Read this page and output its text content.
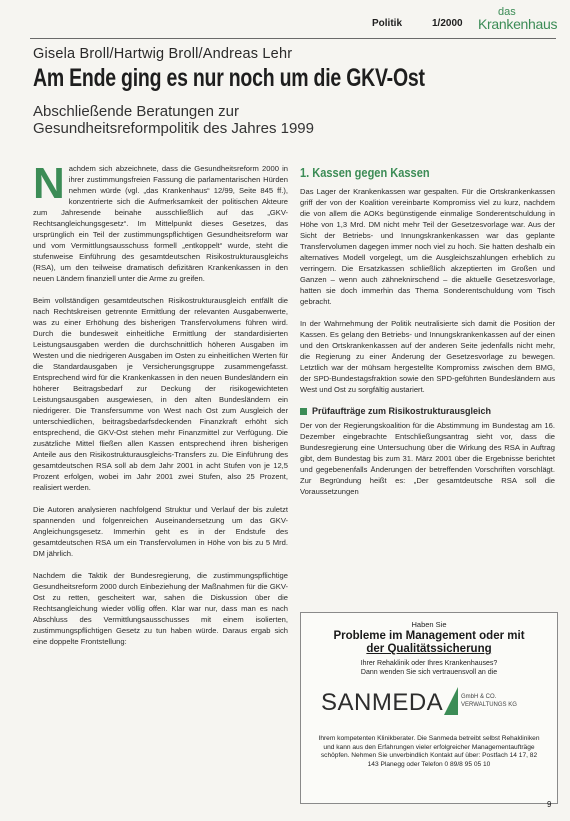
Politik	1/2000
das
Krankenhaus
Gisela Broll/Hartwig Broll/Andreas Lehr
Am Ende ging es nur noch um die GKV-Ost
Abschließende Beratungen zur Gesundheitsreformpolitik des Jahres 1999

N achdem sich abzeichnete, dass die Gesundheitsreform 2000 in ihrer zustimmungsfreien Fassung die parlamentarischen Hürden nehmen würde (vgl. „das Krankenhaus“ 12/99, Seite 845 ff.), konzentrierte sich die Aufmerksamkeit der politischen Akteure zum Jahresende beinahe ausschließlich auf das „GKV-Rechtsangleichungsgesetz“. Im Mittelpunkt dieses Gesetzes, das ursprünglich ein Teil der zustimmungspflichtigen Gesundheitsreform war und vom Vermittlungsausschuss formell „entkoppelt“ wurde, steht die stufenweise Einführung des gesamtdeutschen Risikostrukturausgleichs (RSA), um den teilweise dramatisch defizitären Krankenkassen in den neuen Ländern finanziell unter die Arme zu greifen.

Beim vollständigen gesamtdeutschen Risikostrukturausgleich entfällt die nach Rechtskreisen getrennte Ermittlung der relevanten Ausgabenwerte, was zu einer Erhöhung des bisherigen Transfervolumens führen wird. Durch die bundesweit einheitliche Ermittlung der standardisierten Leistungsausgaben werden die durchschnittlich höheren Ausgaben im Westen und die niedrigeren Ausgaben im Osten zu einheitlichen Werten für die Standardausgaben je Versicherungsgruppe zusammengefasst. Entsprechend wird für die Krankenkassen in den neuen Bundesländern ein höherer Beitragsbedarf zur Deckung der risikogewichteten Leistungsausgaben ausgewiesen, in den alten Bundesländern ein niedrigerer. Die Transfersumme von West nach Ost zum Ausgleich der unterschiedlichen, beitragsbedarfsdeckenden Finanzkraft erhöht sich entsprechend, die GKV-Ost stehen mehr Finanzmittel zur Verfügung. Die zusätzliche Mittel fließen allen Kassen entsprechend ihren bisherigen Anteile aus den Risikostrukturausgleichs-Transfers zu. Die Einführung des gesamtdeutschen RSA soll ab dem Jahr 2001 in acht Stufen von je 12,5 Prozent erfolgen, wobei im Jahr 2001 zwei Stufen, also 25 Prozent, realisiert werden.

Die Autoren analysieren nachfolgend Struktur und Verlauf der bis zuletzt spannenden und folgenreichen Auseinandersetzung um das GKV-Angleichungsgesetz. Immerhin geht es in der Endstufe des gesamtdeutschen RSA um ein Transfervolumen in Höhe von bis zu 5 Mrd. DM jährlich.

Nachdem die Taktik der Bundesregierung, die zustimmungspflichtige Gesundheitsreform 2000 durch Einbeziehung der Maßnahmen für die GKV-Ost zu retten, gescheitert war, sahen die Diskussion über die Rechtsangleichung wieder völlig offen. Klar war nur, dass man es nach Abschluss des Vermittlungsausschusses mit einem isolierten, zustimmungspflichtigen Gesetz zu tun haben würde. Daraus ergab sich eine doppelte Frontstellung:

1. Kassen gegen Kassen

Das Lager der Krankenkassen war gespalten. Für die Ortskrankenkassen griff der von der Koalition vereinbarte Kompromiss viel zu kurz, nachdem die von allem die AOKs begünstigende einmalige Sonderentschuldung in Höhe von 1,3 Mrd. DM nicht mehr Teil der Gesetzesvorlage war. Aus der Sicht der Betriebs- und Innungskrankenkassen war das geplante Transfervolumen dagegen immer noch viel zu hoch. Sie hatten deshalb ein alternatives Modell vorgelegt, um die Ausgleichszahlungen erheblich zu verringern. Die Ersatzkassen schließlich akzeptierten im Großen und Ganzen – wenn auch zähneknirschend – die aktuelle Gesetzesvorlage, hatten sie doch immerhin das Thema Sonderentschuldung vom Tisch gebracht.

In der Wahrnehmung der Politik neutralisierte sich damit die Position der Kassen. Es gelang den Betriebs- und Innungskrankenkassen auf der einen und den Ortskrankenkassen auf der anderen Seite jedenfalls nicht mehr, die Regierung zu einer Änderung der Gesetzesvorlage zu bewegen. Letztlich war der mühsam hergestellte Kompromiss zwischen dem BMG, der SPD-Bundestagsfraktion sowie den SPD-geführten Bundesländern aus West und Ost zu sorgfältig austariert.

Prüfaufträge zum Risikostrukturausgleich

Der von der Regierungskoalition für die Abstimmung im Bundestag am 16. Dezember eingebrachte Entschließungsantrag sieht vor, dass die Bundesregierung eine Untersuchung über die Wirkung des RSA in Auftrag gibt, dem Bundestag bis zum 31. März 2001 über die Ergebnisse berichtet und gegebenenfalls Änderungen der betreffenden Vorschriften vorschlägt. Zur Begründung heißt es: „Der gesamtdeutsche RSA soll die Voraussetzungen

Haben Sie
Probleme im Management oder mit
der Qualitätssicherung
Ihrer Rehaklinik oder Ihres Krankenhauses?
Dann wenden Sie sich vertrauensvoll an die
SANMEDA	GmbH & CO.
VERWALTUNGS KG
Ihrem kompetenten Klinikberater. Die Sanmeda betreibt selbst Rehakliniken und kann aus den Erfahrungen vieler erfolgreicher Managementaufträge schöpfen. Nehmen Sie unverbindlich Kontakt auf über: Postfach 14 17, 82 143 Planegg oder Telefon 0 89/8 95 05 10
9
